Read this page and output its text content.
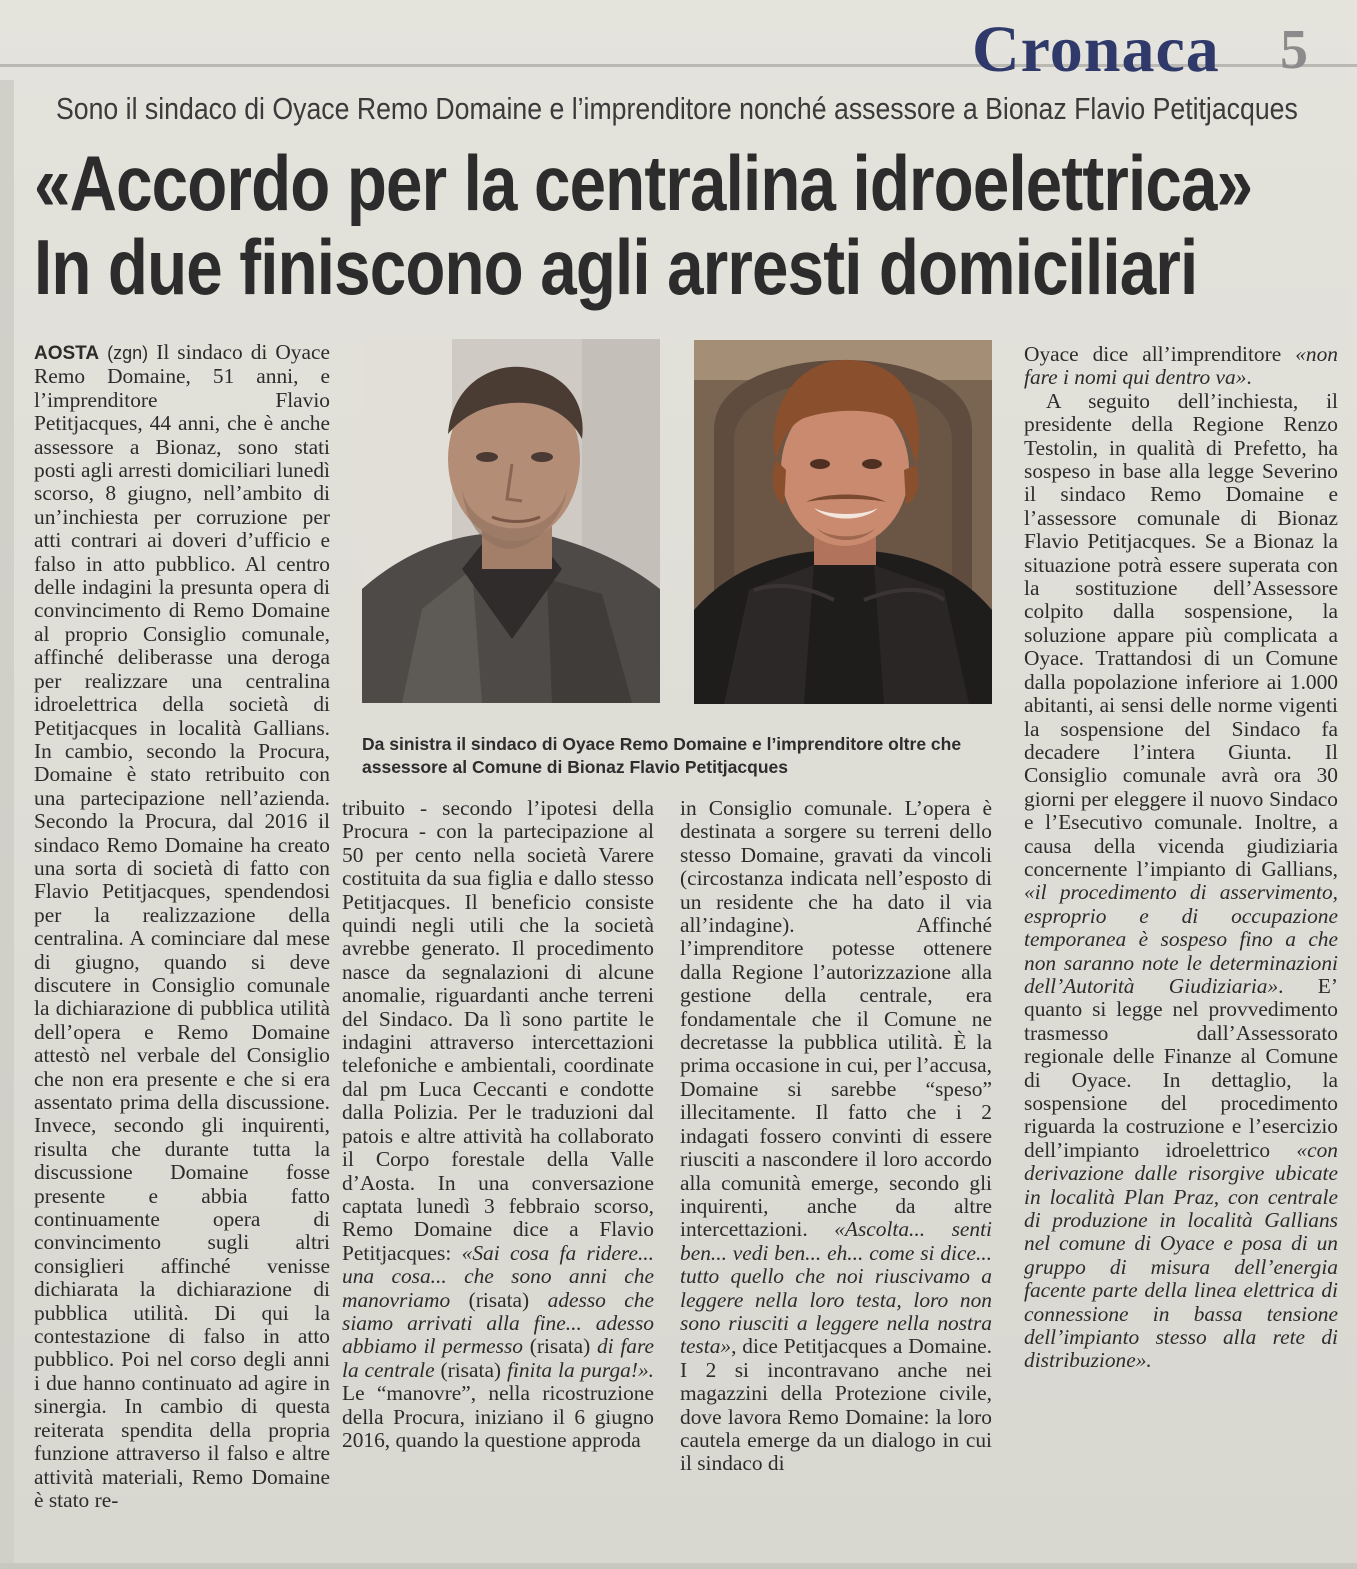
Cronaca 5
Sono il sindaco di Oyace Remo Domaine e l’imprenditore nonché assessore a Bionaz Flavio Petitjacques
«Accordo per la centralina idroelettrica»
In due finiscono agli arresti domiciliari

AOSTA (zgn) Il sindaco di Oyace Remo Domaine, 51 anni, e l’imprenditore Flavio Petitjacques, 44 anni, che è anche assessore a Bionaz, sono stati posti agli arresti domiciliari lunedì scorso, 8 giugno, nell’ambito di un’inchiesta per corruzione per atti contrari ai doveri d’ufficio e falso in atto pubblico. Al centro delle indagini la presunta opera di convincimento di Remo Domaine al proprio Consiglio comunale, affinché deliberasse una deroga per realizzare una centralina idroelettrica della società di Petitjacques in località Gallians. In cambio, secondo la Procura, Domaine è stato retribuito con una partecipazione nell’azienda. Secondo la Procura, dal 2016 il sindaco Remo Domaine ha creato una sorta di società di fatto con Flavio Petitjacques, spendendosi per la realizzazione della centralina. A cominciare dal mese di giugno, quando si deve discutere in Consiglio comunale la dichiarazione di pubblica utilità dell’opera e Remo Domaine attestò nel verbale del Consiglio che non era presente e che si era assentato prima della discussione. Invece, secondo gli inquirenti, risulta che durante tutta la discussione Domaine fosse presente e abbia fatto continuamente opera di convincimento sugli altri consiglieri affinché venisse dichiarata la dichiarazione di pubblica utilità. Di qui la contestazione di falso in atto pubblico. Poi nel corso degli anni i due hanno continuato ad agire in sinergia. In cambio di questa reiterata spendita della propria funzione attraverso il falso e altre attività materiali, Remo Domaine è stato re-

Da sinistra il sindaco di Oyace Remo Domaine e l’imprenditore oltre che assessore al Comune di Bionaz Flavio Petitjacques

tribuito - secondo l’ipotesi della Procura - con la partecipazione al 50 per cento nella società Varere costituita da sua figlia e dallo stesso Petitjacques. Il beneficio consiste quindi negli utili che la società avrebbe generato. Il procedimento nasce da segnalazioni di alcune anomalie, riguardanti anche terreni del Sindaco. Da lì sono partite le indagini attraverso intercettazioni telefoniche e ambientali, coordinate dal pm Luca Ceccanti e condotte dalla Polizia. Per le traduzioni dal patois e altre attività ha collaborato il Corpo forestale della Valle d’Aosta. In una conversazione captata lunedì 3 febbraio scorso, Remo Domaine dice a Flavio Petitjacques: «Sai cosa fa ridere... una cosa... che sono anni che manovriamo (risata) adesso che siamo arrivati alla fine... adesso abbiamo il permesso (risata) di fare la centrale (risata) finita la purga!». Le “manovre”, nella ricostruzione della Procura, iniziano il 6 giugno 2016, quando la questione approda

in Consiglio comunale. L’opera è destinata a sorgere su terreni dello stesso Domaine, gravati da vincoli (circostanza indicata nell’esposto di un residente che ha dato il via all’indagine). Affinché l’imprenditore potesse ottenere dalla Regione l’autorizzazione alla gestione della centrale, era fondamentale che il Comune ne decretasse la pubblica utilità. È la prima occasione in cui, per l’accusa, Domaine si sarebbe “speso” illecitamente. Il fatto che i 2 indagati fossero convinti di essere riusciti a nascondere il loro accordo alla comunità emerge, secondo gli inquirenti, anche da altre intercettazioni. «Ascolta... senti ben... vedi ben... eh... come si dice... tutto quello che noi riuscivamo a leggere nella loro testa, loro non sono riusciti a leggere nella nostra testa», dice Petitjacques a Domaine. I 2 si incontravano anche nei magazzini della Protezione civile, dove lavora Remo Domaine: la loro cautela emerge da un dialogo in cui il sindaco di

Oyace dice all’imprenditore «non fare i nomi qui dentro va».

A seguito dell’inchiesta, il presidente della Regione Renzo Testolin, in qualità di Prefetto, ha sospeso in base alla legge Severino il sindaco Remo Domaine e l’assessore comunale di Bionaz Flavio Petitjacques. Se a Bionaz la situazione potrà essere superata con la sostituzione dell’Assessore colpito dalla sospensione, la soluzione appare più complicata a Oyace. Trattandosi di un Comune dalla popolazione inferiore ai 1.000 abitanti, ai sensi delle norme vigenti la sospensione del Sindaco fa decadere l’intera Giunta. Il Consiglio comunale avrà ora 30 giorni per eleggere il nuovo Sindaco e l’Esecutivo comunale. Inoltre, a causa della vicenda giudiziaria concernente l’impianto di Gallians, «il procedimento di asservimento, esproprio e di occupazione temporanea è sospeso fino a che non saranno note le determinazioni dell’Autorità Giudiziaria». E’ quanto si legge nel provvedimento trasmesso dall’Assessorato regionale delle Finanze al Comune di Oyace. In dettaglio, la sospensione del procedimento riguarda la costruzione e l’esercizio dell’impianto idroelettrico «con derivazione dalle risorgive ubicate in località Plan Praz, con centrale di produzione in località Gallians nel comune di Oyace e posa di un gruppo di misura dell’energia facente parte della linea elettrica di connessione in bassa tensione dell’impianto stesso alla rete di distribuzione».
